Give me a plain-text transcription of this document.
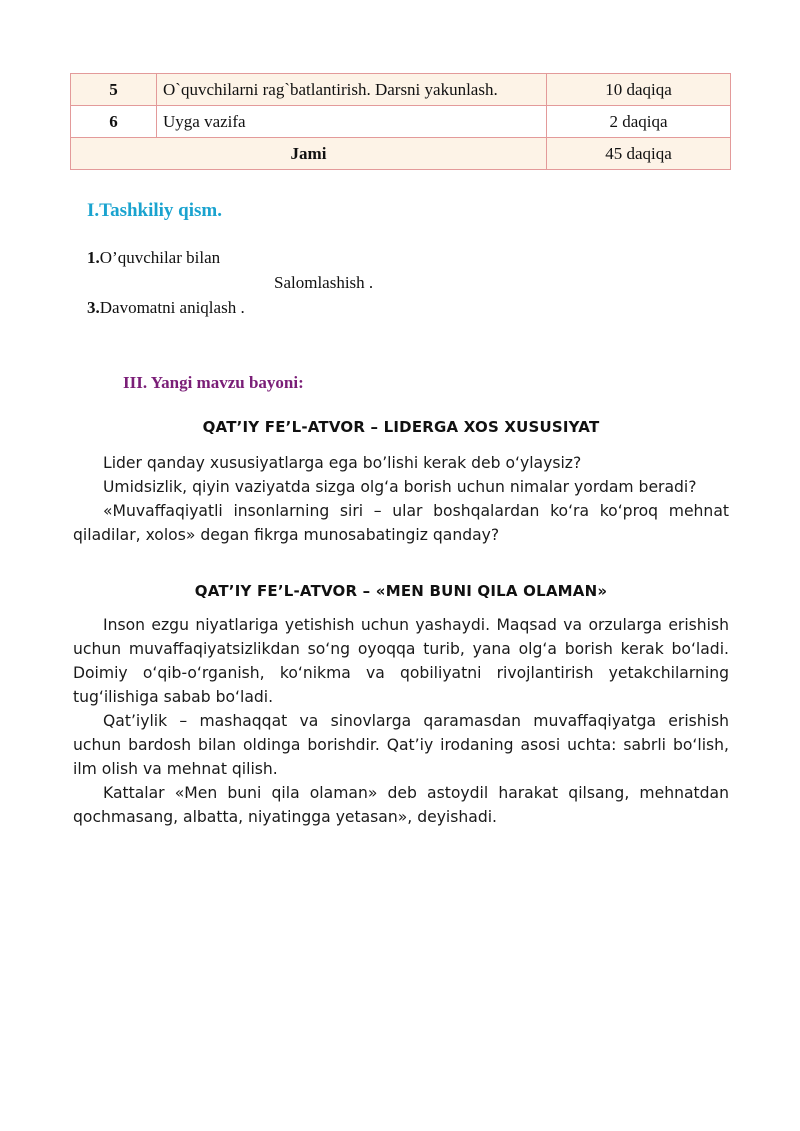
5	O`quvchilarni rag`batlantirish. Darsni yakunlash.	10 daqiqa
6	Uyga vazifa	2 daqiqa
Jami		45 daqiqa
I.Tashkiliy qism.

1.O’quvchilar bilan

Salomlashish .

3.Davomatni aniqlash .

III. Yangi mavzu bayoni:
QAT’IY FE’L-ATVOR – LIDERGA XOS XUSUSIYAT

Lider qanday xususiyatlarga ega bo’lishi kerak deb o‘ylaysiz?

Umidsizlik, qiyin vaziyatda sizga olg‘a borish uchun nimalar yordam beradi?

«Muvaffaqiyatli insonlarning siri – ular boshqalardan ko‘ra ko‘proq mehnat qiladilar, xolos» degan fikrga munosabatingiz qanday?

QAT’IY FE’L-ATVOR – «MEN BUNI QILA OLAMAN»

Inson ezgu niyatlariga yetishish uchun yashaydi. Maqsad va orzularga erishish uchun muvaffaqiyatsizlikdan so‘ng oyoqqa turib, yana olg‘a borish kerak bo‘ladi. Doimiy o‘qib-o‘rganish, ko‘nikma va qobiliyatni rivojlantirish yetakchilarning tug‘ilishiga sabab bo‘ladi.

Qat’iylik – mashaqqat va sinovlarga qaramasdan muvaffaqiyatga erishish uchun bardosh bilan oldinga borishdir. Qat’iy irodaning asosi uchta: sabrli bo‘lish, ilm olish va mehnat qilish.

Kattalar «Men buni qila olaman» deb astoydil harakat qilsang, mehnatdan qochmasang, albatta, niyatingga yetasan», deyishadi.
